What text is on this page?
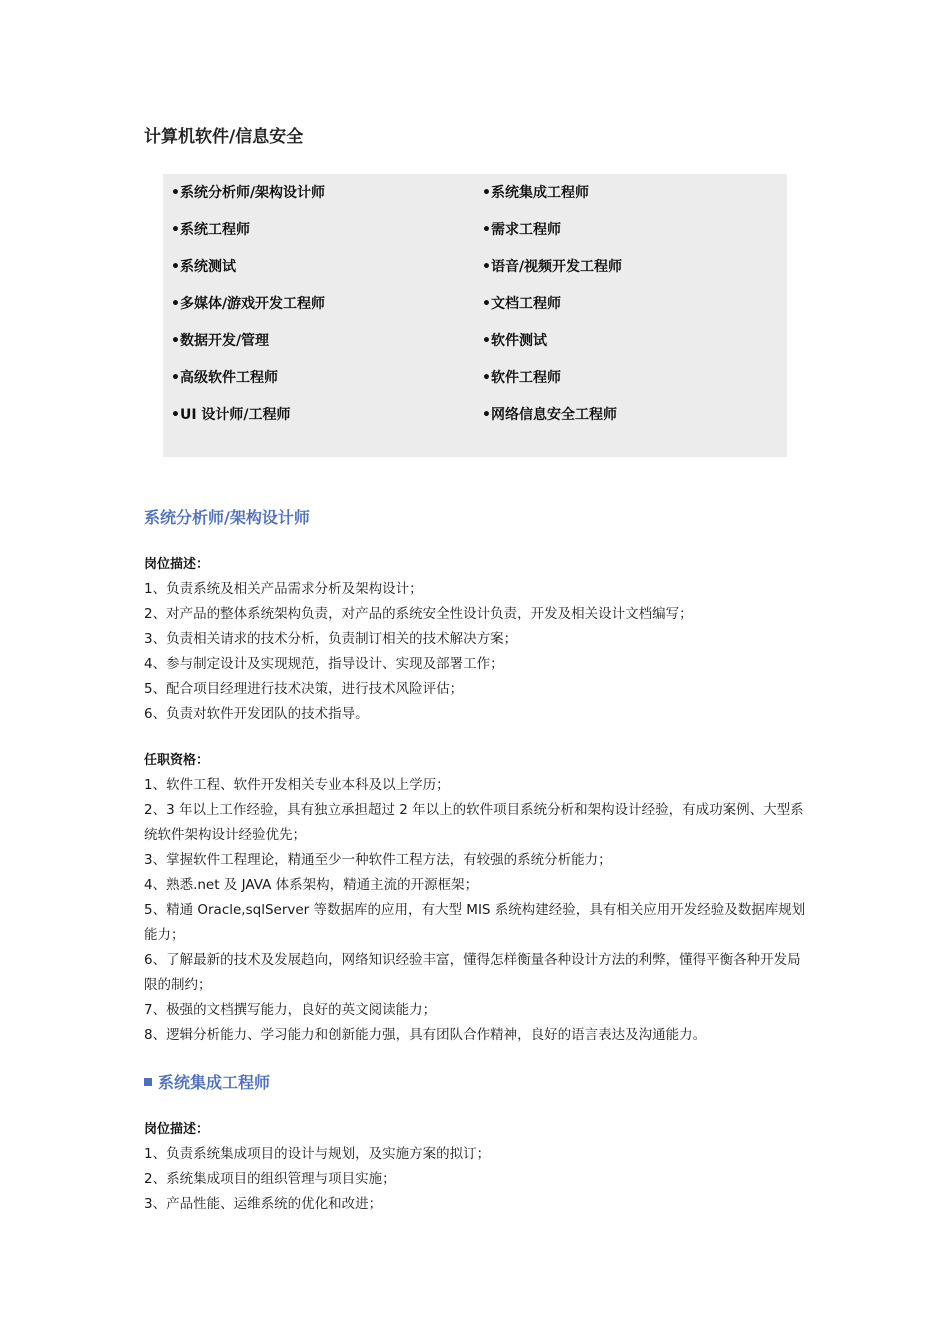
计算机软件/信息安全
•系统分析师/架构设计师
•系统工程师
•系统测试
•多媒体/游戏开发工程师
•数据开发/管理
•高级软件工程师
•UI 设计师/工程师
•系统集成工程师
•需求工程师
•语音/视频开发工程师
•文档工程师
•软件测试
•软件工程师
•网络信息安全工程师
系统分析师/架构设计师

岗位描述：

1、负责系统及相关产品需求分析及架构设计；
2、对产品的整体系统架构负责，对产品的系统安全性设计负责，开发及相关设计文档编写；
3、负责相关请求的技术分析，负责制订相关的技术解决方案；
4、参与制定设计及实现规范，指导设计、实现及部署工作；
5、配合项目经理进行技术决策，进行技术风险评估；
6、负责对软件开发团队的技术指导。

任职资格：

1、软件工程、软件开发相关专业本科及以上学历；
2、3 年以上工作经验，具有独立承担超过 2 年以上的软件项目系统分析和架构设计经验，有成功案例、大型系统软件架构设计经验优先；
3、掌握软件工程理论，精通至少一种软件工程方法，有较强的系统分析能力；
4、熟悉.net 及 JAVA 体系架构，精通主流的开源框架；
5、精通 Oracle,sqlServer 等数据库的应用，有大型 MIS 系统构建经验，具有相关应用开发经验及数据库规划能力；
6、了解最新的技术及发展趋向，网络知识经验丰富，懂得怎样衡量各种设计方法的利弊，懂得平衡各种开发局限的制约；
7、极强的文档撰写能力，良好的英文阅读能力；
8、逻辑分析能力、学习能力和创新能力强，具有团队合作精神，良好的语言表达及沟通能力。
系统集成工程师

岗位描述：

1、负责系统集成项目的设计与规划，及实施方案的拟订；
2、系统集成项目的组织管理与项目实施；
3、产品性能、运维系统的优化和改进；
